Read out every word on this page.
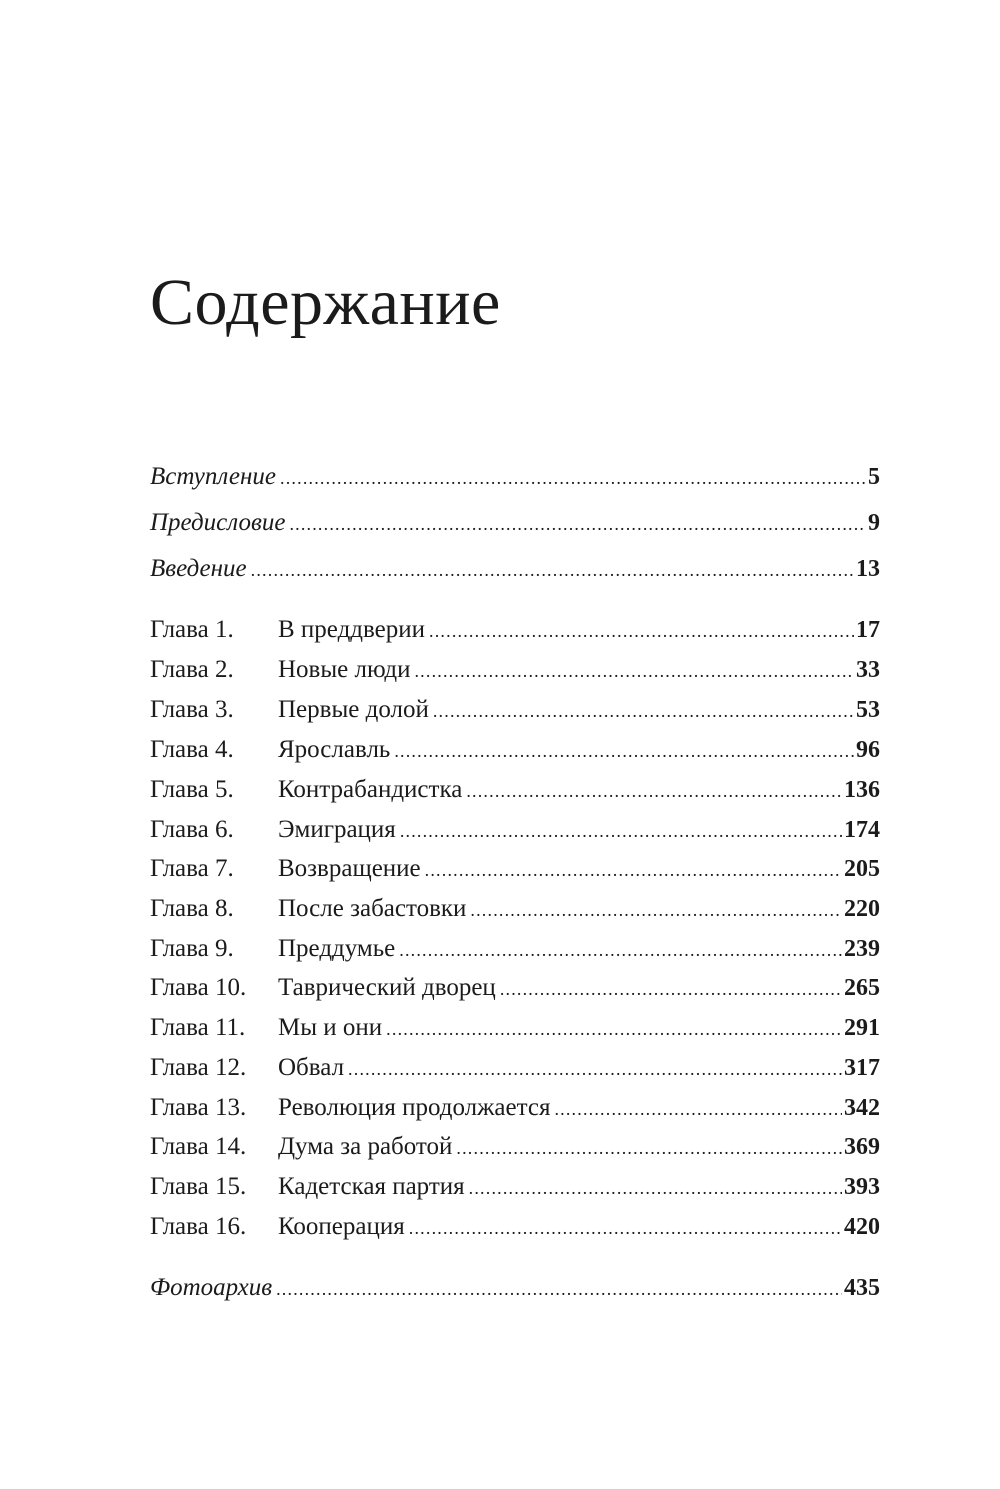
Содержание
Вступление .....	5
Предисловие .....	9
Введение .....	13
Глава 1.	В преддверии .....	17
Глава 2.	Новые люди .....	33
Глава 3.	Первые долой .....	53
Глава 4.	Ярославль .....	96
Глава 5.	Контрабандистка .....	136
Глава 6.	Эмиграция .....	174
Глава 7.	Возвращение .....	205
Глава 8.	После забастовки .....	220
Глава 9.	Преддумье .....	239
Глава 10.	Таврический дворец .....	265
Глава 11.	Мы и они .....	291
Глава 12.	Обвал .....	317
Глава 13.	Революция продолжается .....	342
Глава 14.	Дума за работой .....	369
Глава 15.	Кадетская партия .....	393
Глава 16.	Кооперация .....	420
Фотоархив .....	435
